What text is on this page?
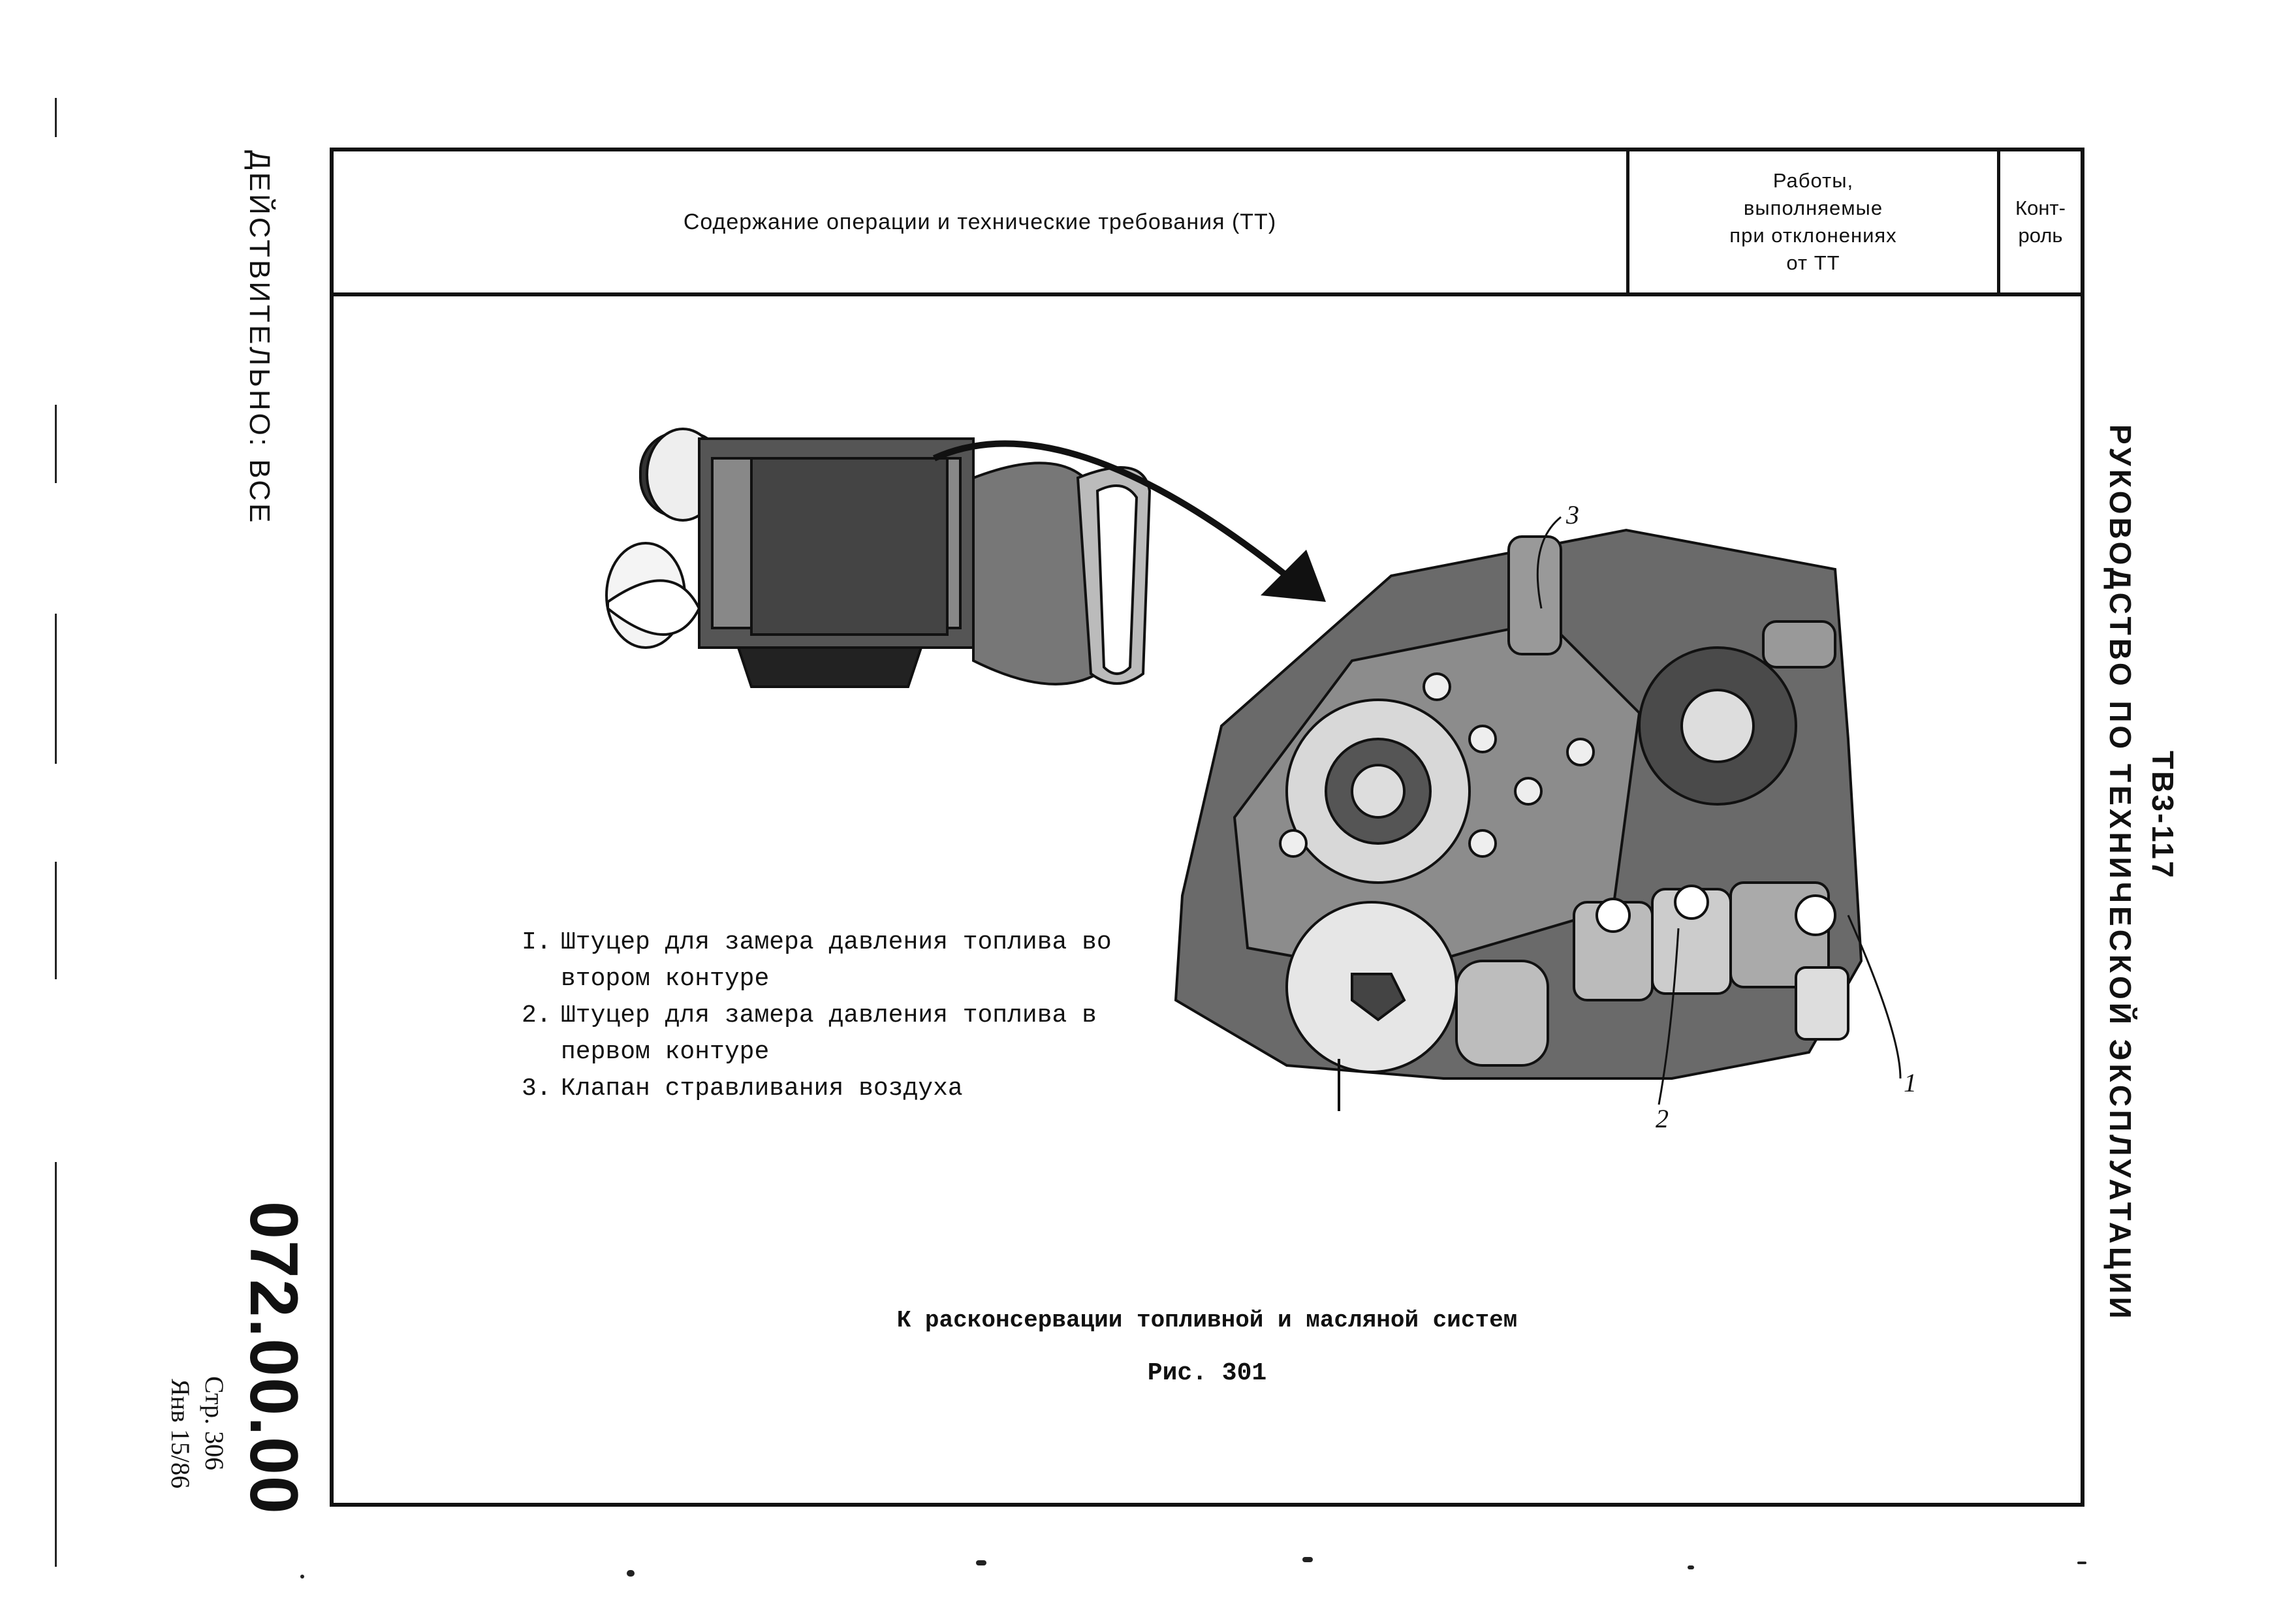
ДЕЙСТВИТЕЛЬНО: ВСЕ
072.00.00
Стр. 306
Янв 15/86
ТВ3-117
РУКОВОДСТВО ПО ТЕХНИЧЕСКОЙ ЭКСПЛУАТАЦИИ
Содержание операции и технические требования (ТТ)
Работы,
выполняемые
при отклонениях
от ТТ
Конт-
роль
1
2
3
I. Штуцер для замера давления топлива во втором контуре
2. Штуцер для замера давления топлива в первом контуре
3. Клапан стравливания воздуха
К расконсервации топливной и масляной систем
Рис. 301
